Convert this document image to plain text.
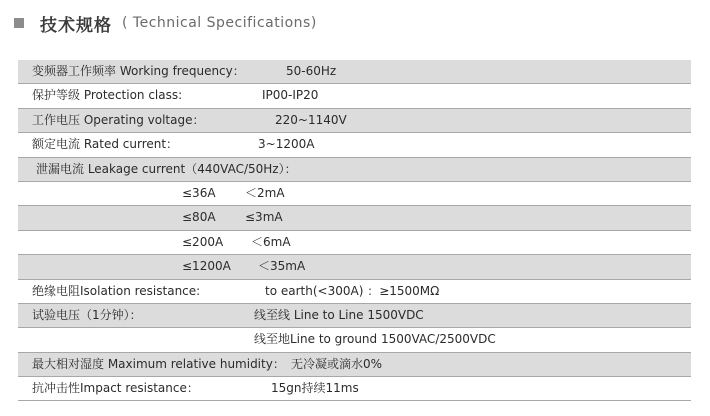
技术规格 ( Technical Specifications)
变频器工作频率 Working frequency：	50-60Hz
保护等级 Protection class:	IP00-IP20
工作电压 Operating voltage：	220~1140V
额定电流 Rated current：	3~1200A
泄漏电流 Leakage current（440VAC/50Hz）：
≤36A ＜2mA
≤80A ≤3mA
≤200A ＜6mA
≤1200A ＜35mA
绝缘电阻Isolation resistance:	to earth(<300A) ：≥1500MΩ
试验电压（1分钟）：	线至线 Line to Line 1500VDC
线至地Line to ground 1500VAC/2500VDC
最大相对湿度 Maximum relative humidity： 无冷凝或滴水0%
抗冲击性Impact resistance：	15gn持续11ms
